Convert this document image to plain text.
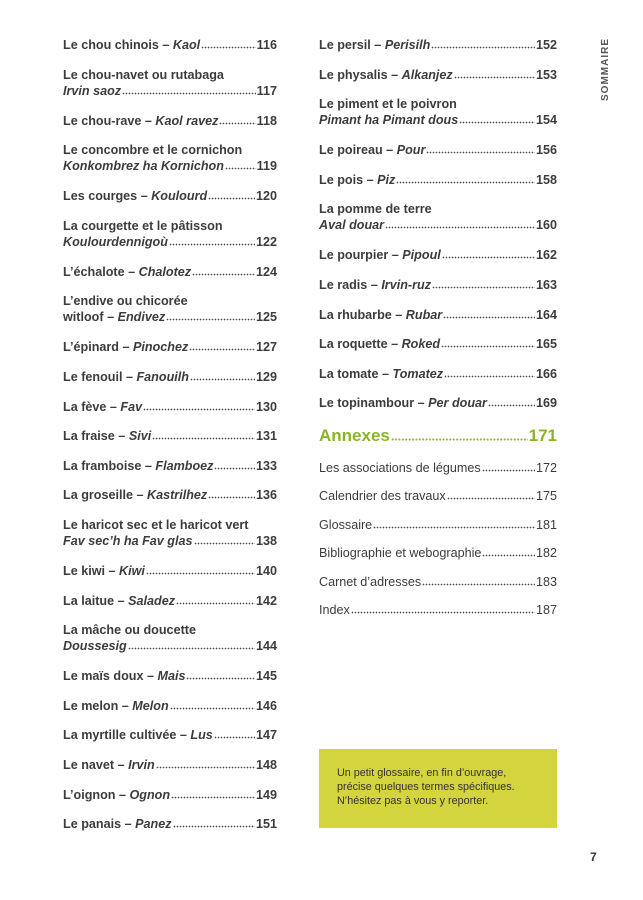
SOMMAIRE
Le chou chinois – Kaol	116
Le chou-navet ou rutabaga
Irvin saoz	117
Le chou-rave – Kaol ravez	118
Le concombre et le cornichon
Konkombrez ha Kornichon	119
Les courges – Koulourd	120
La courgette et le pâtisson
Koulourdennigoù	122
L’échalote – Chalotez	124
L’endive ou chicorée
witloof – Endivez	125
L’épinard – Pinochez	127
Le fenouil – Fanouilh	129
La fève – Fav	130
La fraise – Sivi	131
La framboise – Flamboez	133
La groseille – Kastrilhez	136
Le haricot sec et le haricot vert
Fav sec’h ha Fav glas	138
Le kiwi – Kiwi	140
La laitue – Saladez	142
La mâche ou doucette
Doussesig	144
Le maïs doux – Mais	145
Le melon – Melon	146
La myrtille cultivée – Lus	147
Le navet – Irvin	148
L’oignon – Ognon	149
Le panais – Panez	151
Le persil – Perisilh	152
Le physalis – Alkanjez	153
Le piment et le poivron
Pimant ha Pimant dous	154
Le poireau – Pour	156
Le pois – Piz	158
La pomme de terre
Aval douar	160
Le pourpier – Pipoul	162
Le radis – Irvin-ruz	163
La rhubarbe – Rubar	164
La roquette – Roked	165
La tomate – Tomatez	166
Le topinambour – Per douar	169
Annexes	171
Les associations de légumes	172
Calendrier des travaux	175
Glossaire	181
Bibliographie et webographie	182
Carnet d’adresses	183
Index	187
Un petit glossaire, en fin d’ouvrage,
précise quelques termes spécifiques.
N’hésitez pas à vous y reporter.
7
